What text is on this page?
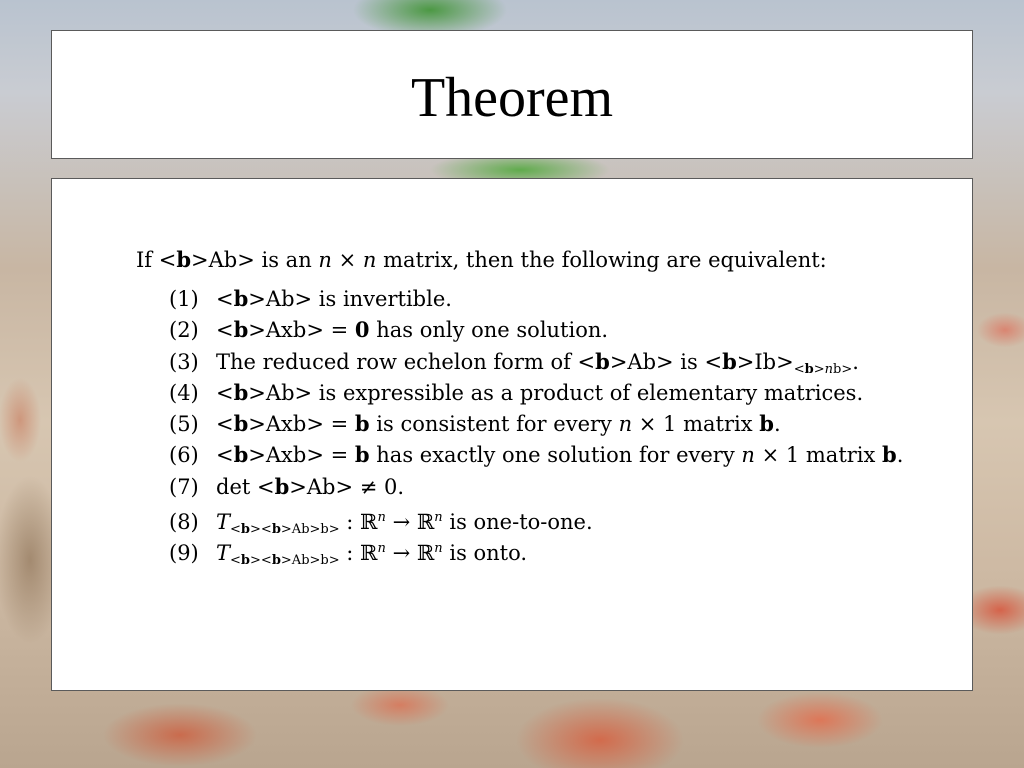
Theorem
If <b>Ab> is an n × n matrix, then the following are equivalent:
(1) <b>Ab> is invertible.
(2) <b>Axb> = 0 has only one solution.
(3) The reduced row echelon form of <b>Ab> is $<b>Ib>_{<b>nb>}$.
(4) <b>Ab> is expressible as a product of elementary matrices.
(5) <b>Axb> = b is consistent for every n × 1 matrix b.
(6) <b>Axb> = b has exactly one solution for every n × 1 matrix b.
(7) det <b>Ab> ≠ 0.
(8) $T_{<b><b>Ab>b>}$ : ℝ$^n$ → ℝ$^n$ is one-to-one.
(9) $T_{<b><b>Ab>b>}$ : ℝ$^n$ → ℝ$^n$ is onto.
